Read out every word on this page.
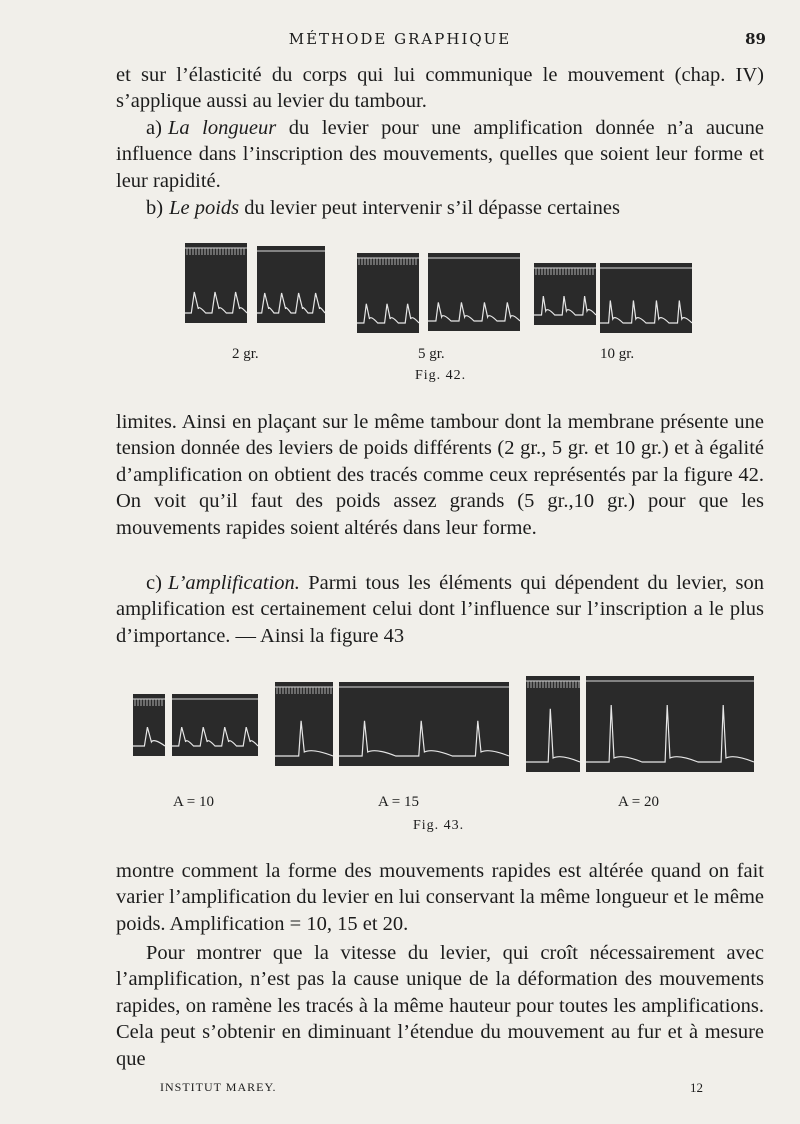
MÉTHODE GRAPHIQUE	89

et sur l’élasticité du corps qui lui communique le mouvement (chap. IV) s’applique aussi au levier du tambour.

a) La longueur du levier pour une amplification donnée n’a aucune influence dans l’inscription des mouvements, quelles que soient leur forme et leur rapidité.

b) Le poids du levier peut intervenir s’il dépasse certaines

2 gr.	5 gr.	10 gr.
Fig. 42.

limites. Ainsi en plaçant sur le même tambour dont la membrane présente une tension donnée des leviers de poids différents (2 gr., 5 gr. et 10 gr.) et à égalité d’amplification on obtient des tracés comme ceux représentés par la figure 42. On voit qu’il faut des poids assez grands (5 gr.,10 gr.) pour que les mouvements rapides soient altérés dans leur forme.

c) L’amplification. Parmi tous les éléments qui dépendent du levier, son amplification est certainement celui dont l’influence sur l’inscription a le plus d’importance. — Ainsi la figure 43

A = 10	A = 15	A = 20
Fig. 43.

montre comment la forme des mouvements rapides est altérée quand on fait varier l’amplification du levier en lui conservant la même longueur et le même poids. Amplification = 10, 15 et 20.

Pour montrer que la vitesse du levier, qui croît nécessairement avec l’amplification, n’est pas la cause unique de la déformation des mouvements rapides, on ramène les tracés à la même hauteur pour toutes les amplifications. Cela peut s’obtenir en diminuant l’étendue du mouvement au fur et à mesure que

INSTITUT MAREY.	12
